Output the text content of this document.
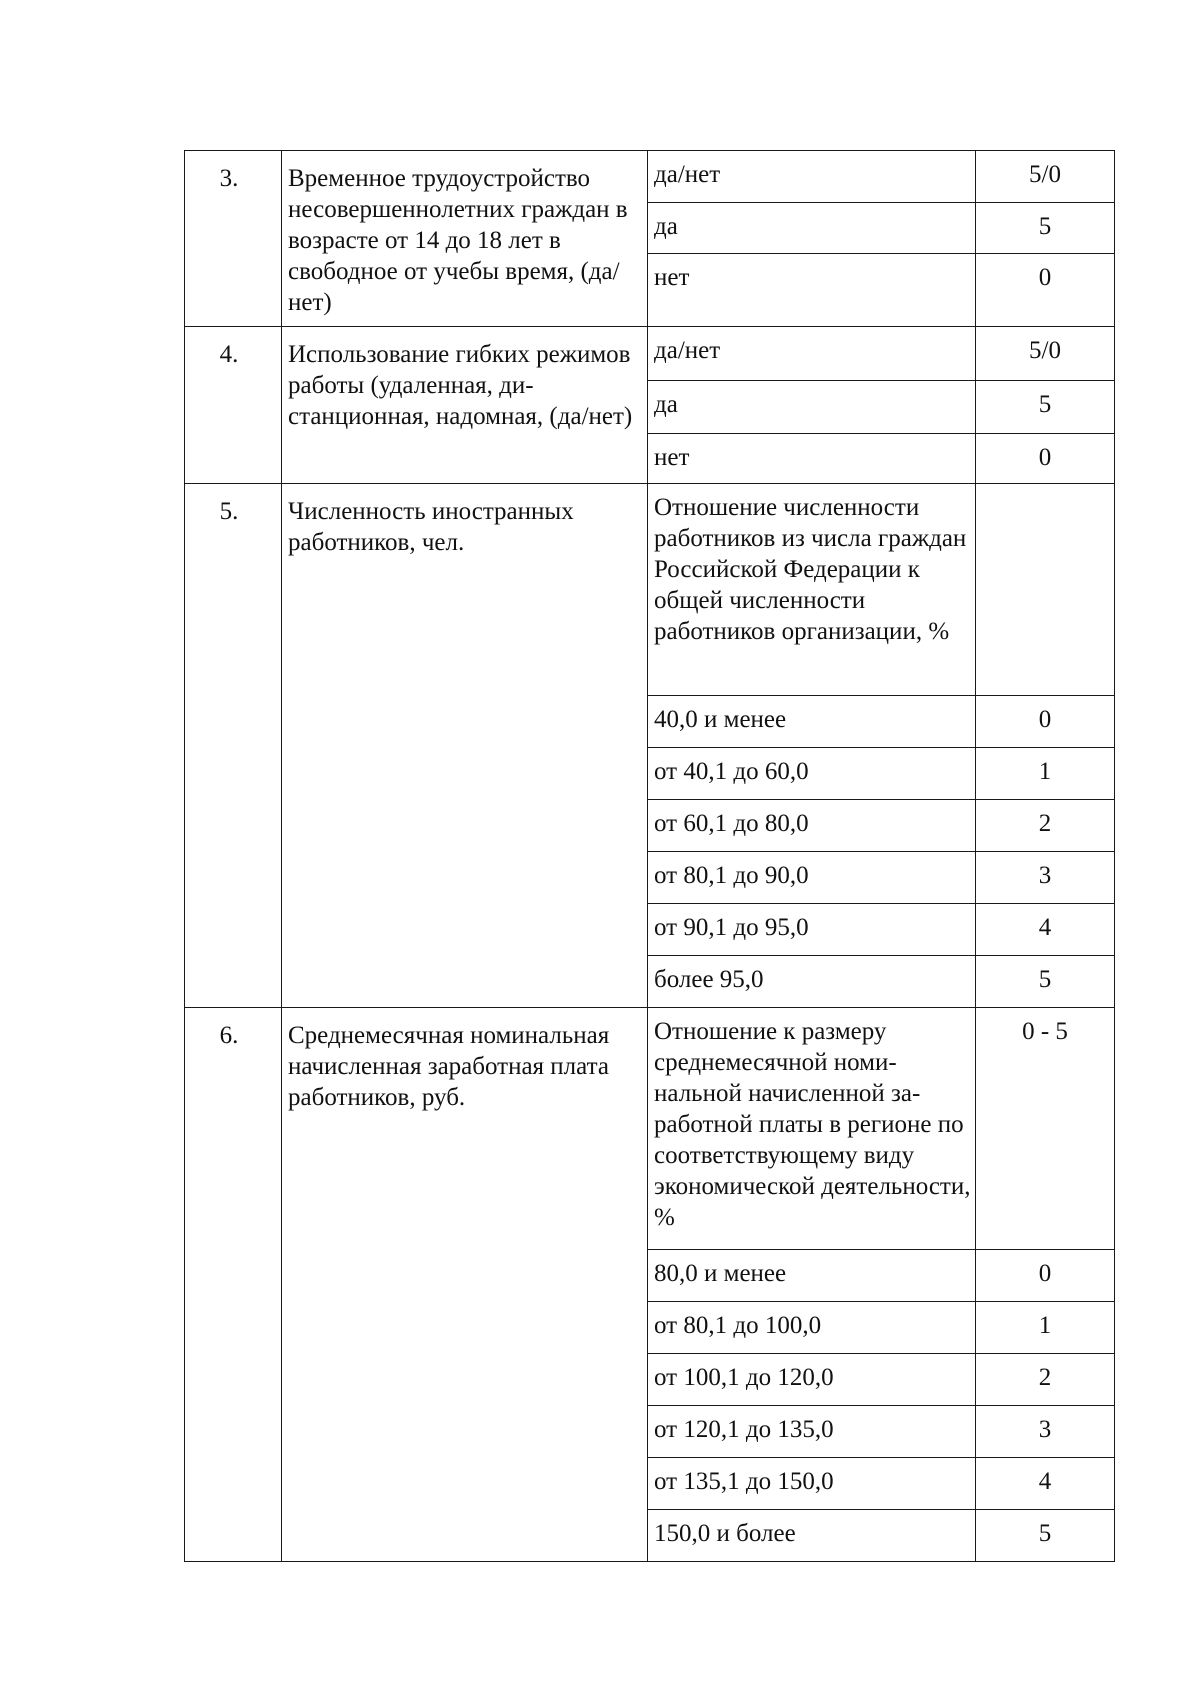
3.	Временное трудоустройство несовершеннолетних граждан в возрасте от 14 до 18 лет в свободное от учебы время, (да/нет)	да/нет	5/0
		да	5
		нет	0
4.	Использование гибких режимов работы (удаленная, дистанционная, надомная, (да/нет)	да/нет	5/0
		да	5
		нет	0
5.	Численность иностранных работников, чел.	Отношение численности работников из числа граждан Российской Федерации к общей численности работников организации, %	
		40,0 и менее	0
		от 40,1 до 60,0	1
		от 60,1 до 80,0	2
		от 80,1 до 90,0	3
		от 90,1 до 95,0	4
		более 95,0	5
6.	Среднемесячная номинальная начисленная заработная плата работников, руб.	Отношение к размеру среднемесячной номинальной начисленной заработной платы в регионе по соответствующему виду экономической деятельности, %	0 - 5
		80,0 и менее	0
		от 80,1 до 100,0	1
		от 100,1 до 120,0	2
		от 120,1 до 135,0	3
		от 135,1 до 150,0	4
		150,0 и более	5
